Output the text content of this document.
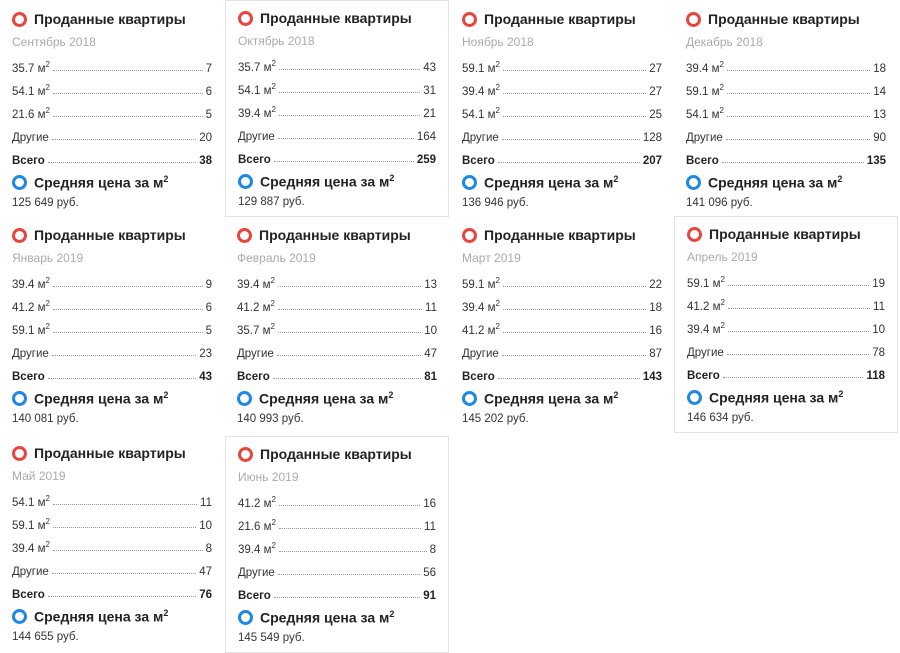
Проданные квартиры
Сентябрь 2018
35.7 $м^2$	7
54.1 $м^2$	6
21.6 $м^2$	5
Другие	20
Всего	38
Средняя цена за $м^2$
125 649 руб.
Проданные квартиры
Октябрь 2018
35.7 $м^2$	43
54.1 $м^2$	31
39.4 $м^2$	21
Другие	164
Всего	259
Средняя цена за $м^2$
129 887 руб.
Проданные квартиры
Ноябрь 2018
59.1 $м^2$	27
39.4 $м^2$	27
54.1 $м^2$	25
Другие	128
Всего	207
Средняя цена за $м^2$
136 946 руб.
Проданные квартиры
Декабрь 2018
39.4 $м^2$	18
59.1 $м^2$	14
54.1 $м^2$	13
Другие	90
Всего	135
Средняя цена за $м^2$
141 096 руб.
Проданные квартиры
Январь 2019
39.4 $м^2$	9
41.2 $м^2$	6
59.1 $м^2$	5
Другие	23
Всего	43
Средняя цена за $м^2$
140 081 руб.
Проданные квартиры
Февраль 2019
39.4 $м^2$	13
41.2 $м^2$	11
35.7 $м^2$	10
Другие	47
Всего	81
Средняя цена за $м^2$
140 993 руб.
Проданные квартиры
Март 2019
59.1 $м^2$	22
39.4 $м^2$	18
41.2 $м^2$	16
Другие	87
Всего	143
Средняя цена за $м^2$
145 202 руб.
Проданные квартиры
Апрель 2019
59.1 $м^2$	19
41.2 $м^2$	11
39.4 $м^2$	10
Другие	78
Всего	118
Средняя цена за $м^2$
146 634 руб.
Проданные квартиры
Май 2019
54.1 $м^2$	11
59.1 $м^2$	10
39.4 $м^2$	8
Другие	47
Всего	76
Средняя цена за $м^2$
144 655 руб.
Проданные квартиры
Июнь 2019
41.2 $м^2$	16
21.6 $м^2$	11
39.4 $м^2$	8
Другие	56
Всего	91
Средняя цена за $м^2$
145 549 руб.
